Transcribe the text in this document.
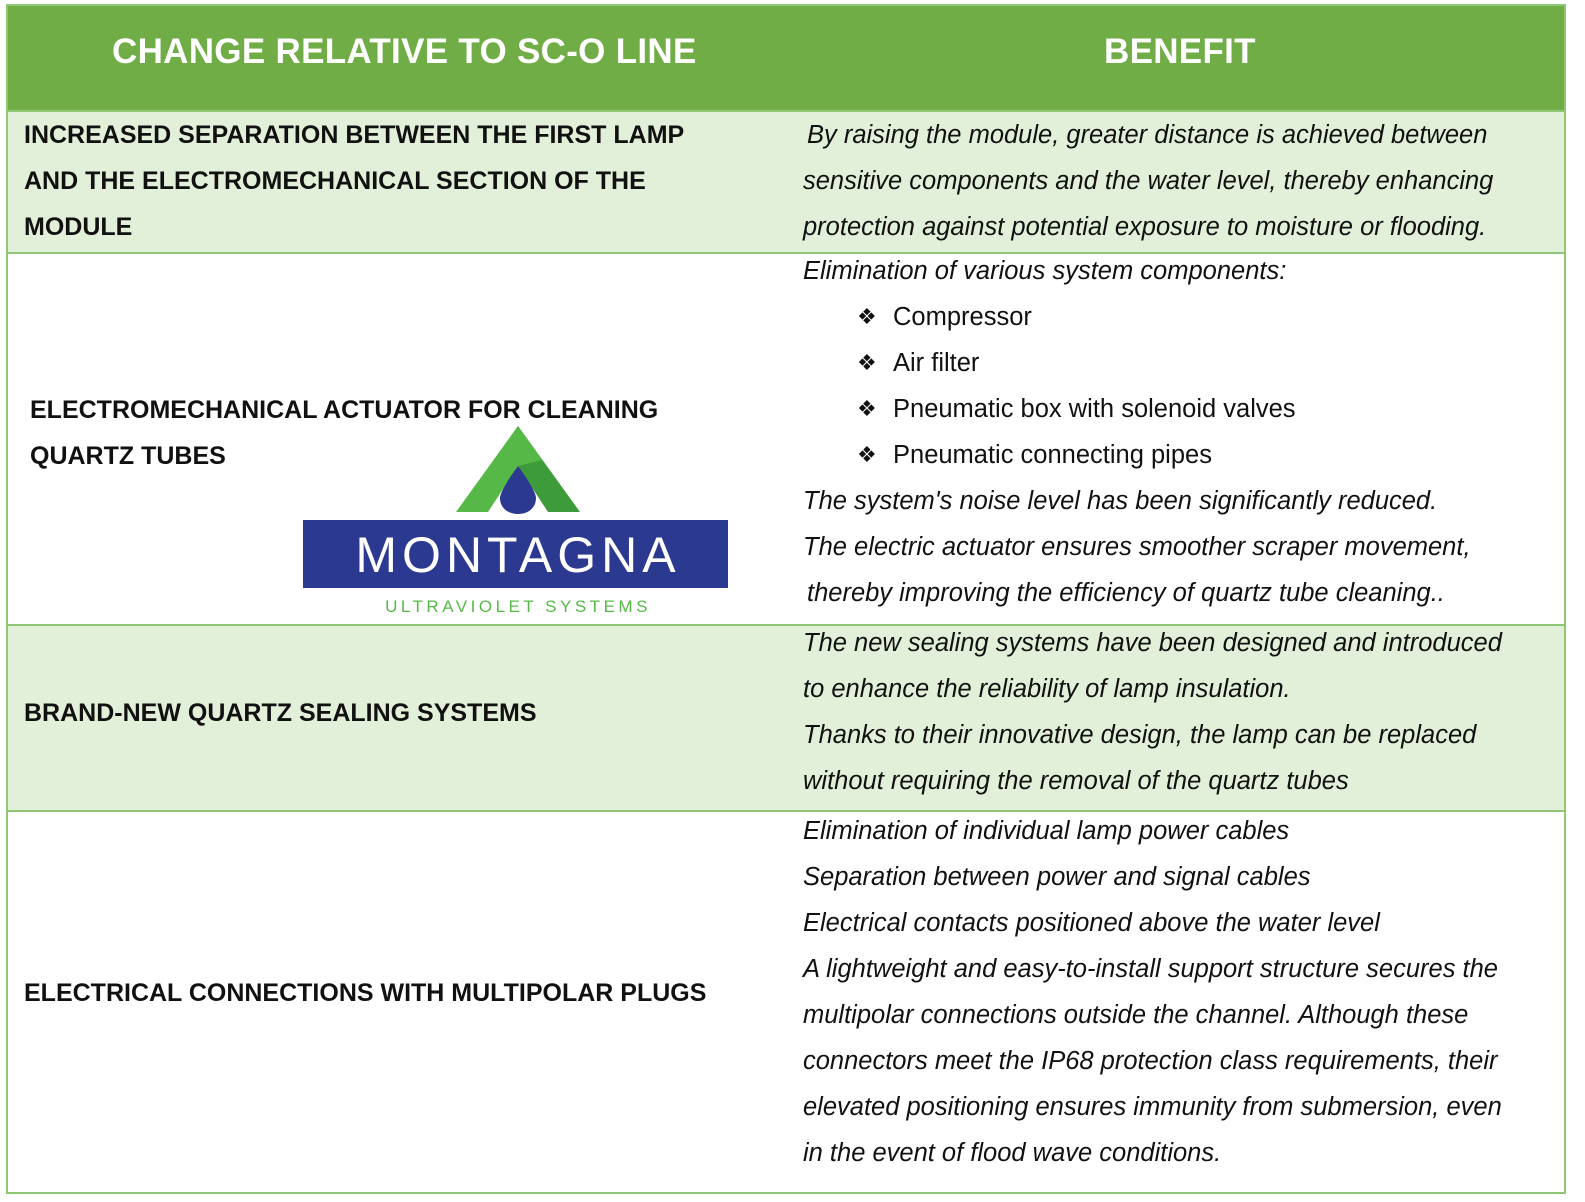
CHANGE RELATIVE TO SC-O LINE	BENEFIT
INCREASED SEPARATION BETWEEN THE FIRST LAMP
AND THE ELECTROMECHANICAL SECTION OF THE
MODULE

By raising the module, greater distance is achieved between

sensitive components and the water level, thereby enhancing

protection against potential exposure to moisture or flooding.

ELECTROMECHANICAL ACTUATOR FOR CLEANING
QUARTZ TUBES

Elimination of various system components:

❖ Compressor
❖ Air filter
❖ Pneumatic box with solenoid valves
❖ Pneumatic connecting pipes

The system's noise level has been significantly reduced.

The electric actuator ensures smoother scraper movement,

thereby improving the efficiency of quartz tube cleaning..

BRAND-NEW QUARTZ SEALING SYSTEMS

The new sealing systems have been designed and introduced

to enhance the reliability of lamp insulation.

Thanks to their innovative design, the lamp can be replaced

without requiring the removal of the quartz tubes

ELECTRICAL CONNECTIONS WITH MULTIPOLAR PLUGS

Elimination of individual lamp power cables

Separation between power and signal cables

Electrical contacts positioned above the water level

A lightweight and easy-to-install support structure secures the

multipolar connections outside the channel. Although these

connectors meet the IP68 protection class requirements, their

elevated positioning ensures immunity from submersion, even

in the event of flood wave conditions.

MONTAGNA
ULTRAVIOLET SYSTEMS
